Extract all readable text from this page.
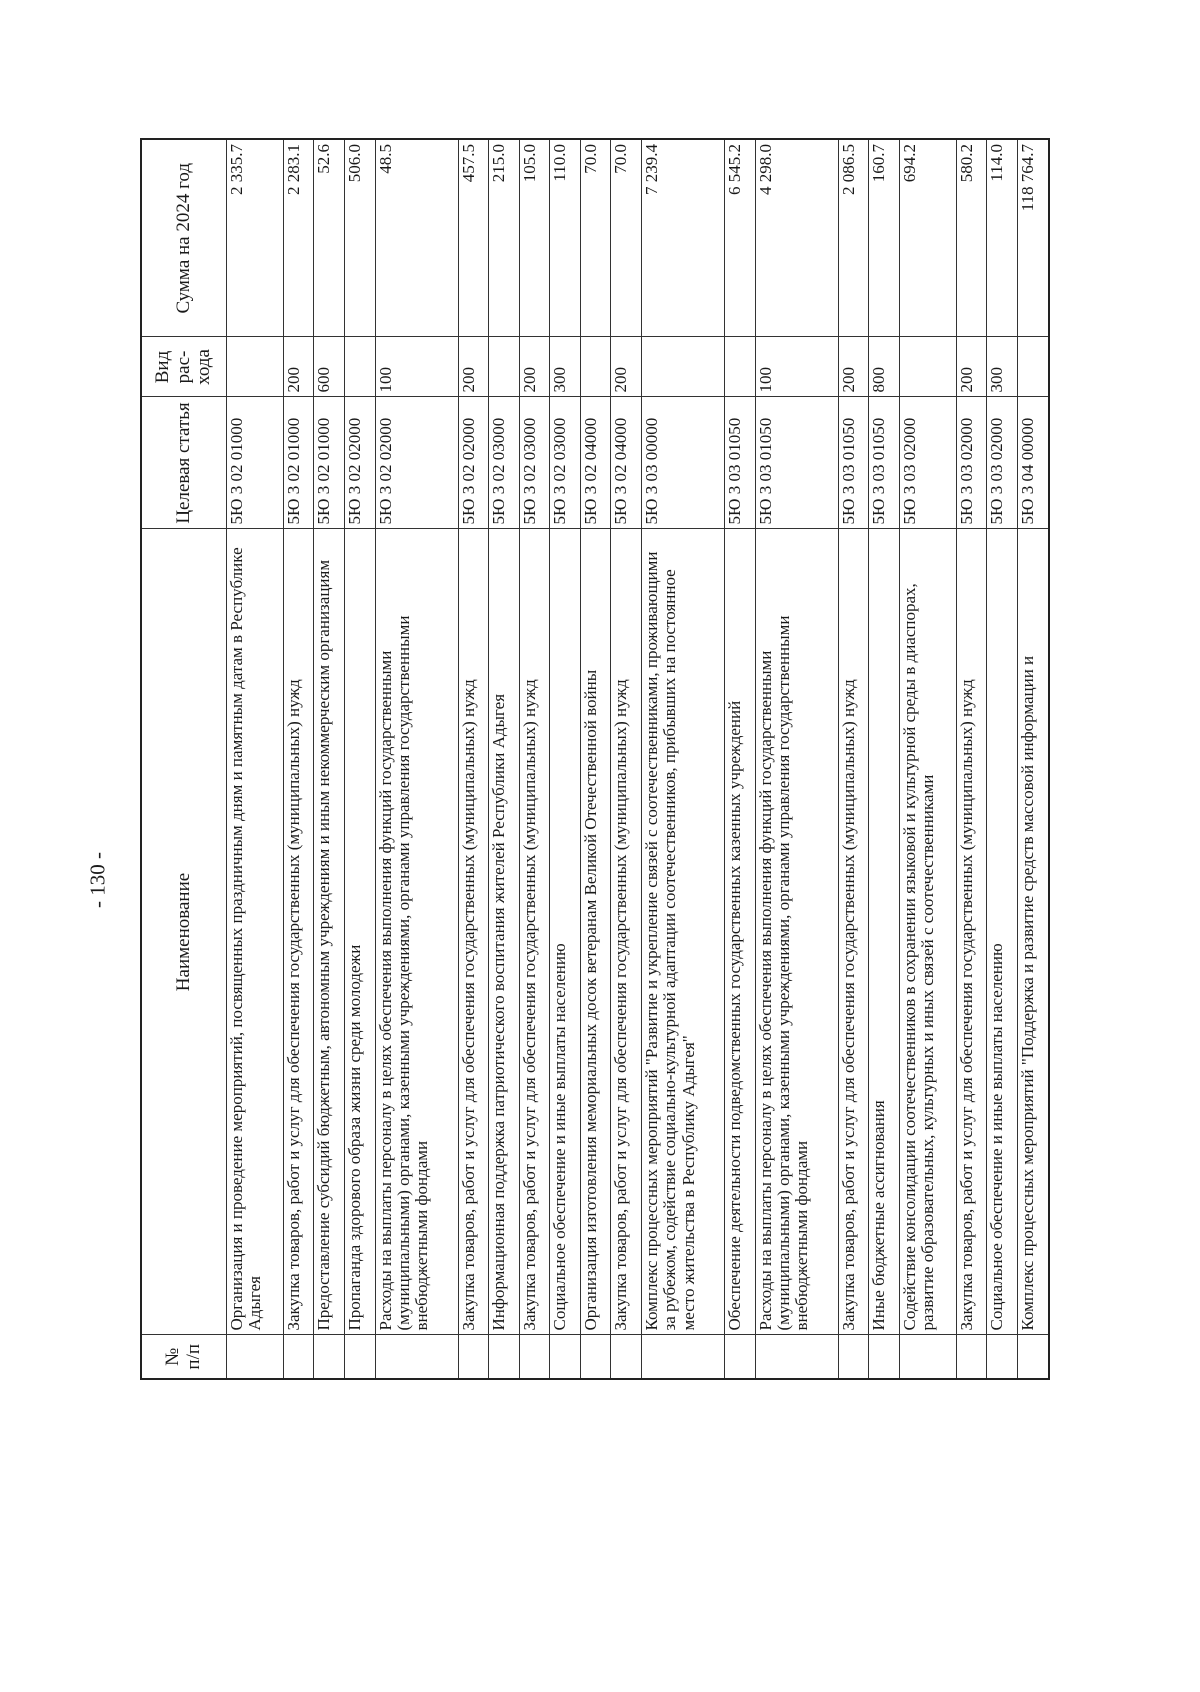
- 130 -
№ п/п	Наименование	Целевая статья	Вид рас-хода	Сумма на 2024 год
	Организация и проведение мероприятий, посвященных праздничным дням и памятным датам в Республике Адыгея	5Ю 3 02 01000		2 335.7
	Закупка товаров, работ и услуг для обеспечения государственных (муниципальных) нужд	5Ю 3 02 01000	200	2 283.1
	Предоставление субсидий бюджетным, автономным учреждениям и иным некоммерческим организациям	5Ю 3 02 01000	600	52.6
	Пропаганда здорового образа жизни среди молодежи	5Ю 3 02 02000		506.0
	Расходы на выплаты персоналу в целях обеспечения выполнения функций государственными (муниципальными) органами, казенными учреждениями, органами управления государственными внебюджетными фондами	5Ю 3 02 02000	100	48.5
	Закупка товаров, работ и услуг для обеспечения государственных (муниципальных) нужд	5Ю 3 02 02000	200	457.5
	Информационная поддержка патриотического воспитания жителей Республики Адыгея	5Ю 3 02 03000		215.0
	Закупка товаров, работ и услуг для обеспечения государственных (муниципальных) нужд	5Ю 3 02 03000	200	105.0
	Социальное обеспечение и иные выплаты населению	5Ю 3 02 03000	300	110.0
	Организация изготовления мемориальных досок ветеранам Великой Отечественной войны	5Ю 3 02 04000		70.0
	Закупка товаров, работ и услуг для обеспечения государственных (муниципальных) нужд	5Ю 3 02 04000	200	70.0
	Комплекс процессных мероприятий "Развитие и укрепление связей с соотечественниками, проживающими за рубежом, содействие социально-культурной адаптации соотечественников, прибывших на постоянное место жительства в Республику Адыгея"	5Ю 3 03 00000		7 239.4
	Обеспечение деятельности подведомственных государственных казенных учреждений	5Ю 3 03 01050		6 545.2
	Расходы на выплаты персоналу в целях обеспечения выполнения функций государственными (муниципальными) органами, казенными учреждениями, органами управления государственными внебюджетными фондами	5Ю 3 03 01050	100	4 298.0
	Закупка товаров, работ и услуг для обеспечения государственных (муниципальных) нужд	5Ю 3 03 01050	200	2 086.5
	Иные бюджетные ассигнования	5Ю 3 03 01050	800	160.7
	Содействие консолидации соотечественников в сохранении языковой и культурной среды в диаспорах, развитие образовательных, культурных и иных связей с соотечественниками	5Ю 3 03 02000		694.2
	Закупка товаров, работ и услуг для обеспечения государственных (муниципальных) нужд	5Ю 3 03 02000	200	580.2
	Социальное обеспечение и иные выплаты населению	5Ю 3 03 02000	300	114.0
	Комплекс процессных мероприятий "Поддержка и развитие средств массовой информации и	5Ю 3 04 00000		118 764.7
